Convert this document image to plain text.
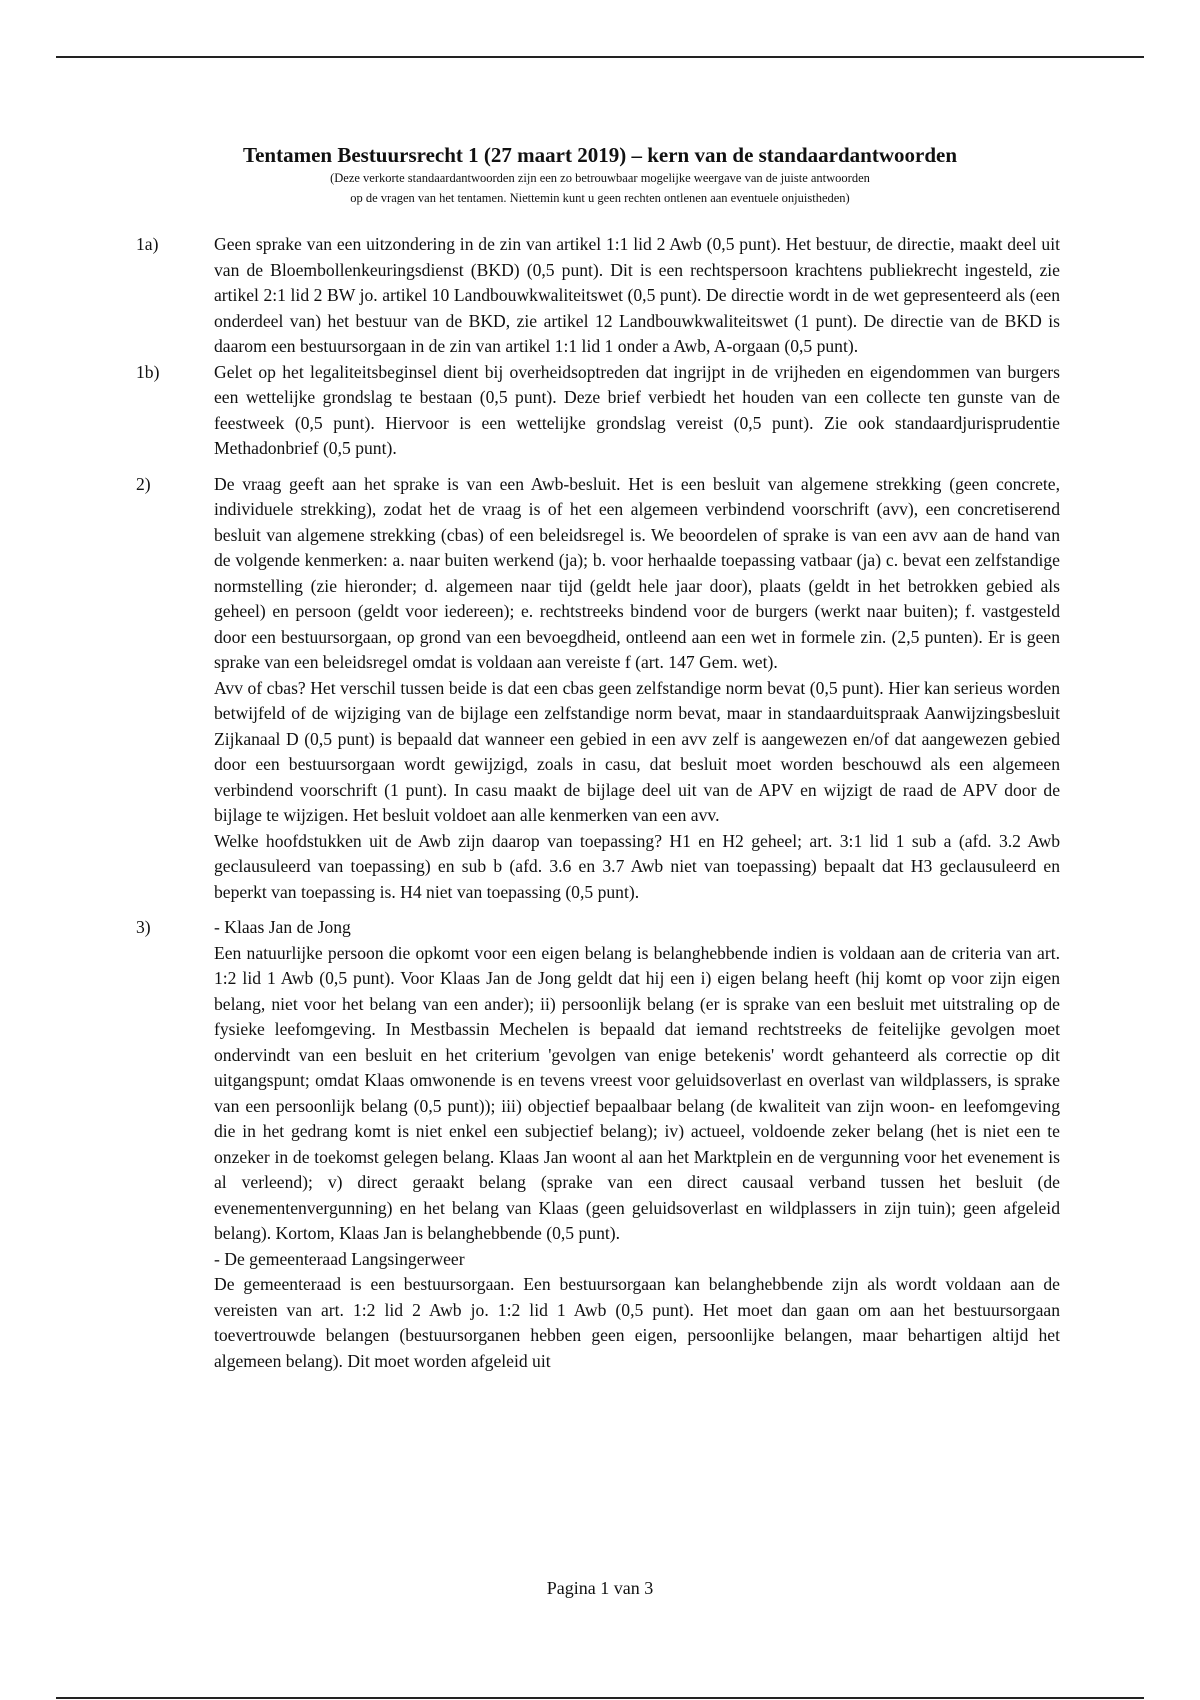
Tentamen Bestuursrecht 1 (27 maart 2019) – kern van de standaardantwoorden
(Deze verkorte standaardantwoorden zijn een zo betrouwbaar mogelijke weergave van de juiste antwoorden
op de vragen van het tentamen. Niettemin kunt u geen rechten ontlenen aan eventuele onjuistheden)
1a)	Geen sprake van een uitzondering in de zin van artikel 1:1 lid 2 Awb (0,5 punt). Het bestuur, de directie, maakt deel uit van de Bloembollenkeuringsdienst (BKD) (0,5 punt). Dit is een rechtspersoon krachtens publiekrecht ingesteld, zie artikel 2:1 lid 2 BW jo. artikel 10 Landbouwkwaliteitswet (0,5 punt). De directie wordt in de wet gepresenteerd als (een onderdeel van) het bestuur van de BKD, zie artikel 12 Landbouwkwaliteitswet (1 punt). De directie van de BKD is daarom een bestuursorgaan in de zin van artikel 1:1 lid 1 onder a Awb, A-orgaan (0,5 punt).

1b)	Gelet op het legaliteitsbeginsel dient bij overheidsoptreden dat ingrijpt in de vrijheden en eigendommen van burgers een wettelijke grondslag te bestaan (0,5 punt). Deze brief verbiedt het houden van een collecte ten gunste van de feestweek (0,5 punt). Hiervoor is een wettelijke grondslag vereist (0,5 punt). Zie ook standaardjurisprudentie Methadonbrief (0,5 punt).

2)	De vraag geeft aan het sprake is van een Awb-besluit. Het is een besluit van algemene strekking (geen concrete, individuele strekking), zodat het de vraag is of het een algemeen verbindend voorschrift (avv), een concretiserend besluit van algemene strekking (cbas) of een beleidsregel is. We beoordelen of sprake is van een avv aan de hand van de volgende kenmerken: a. naar buiten werkend (ja); b. voor herhaalde toepassing vatbaar (ja) c. bevat een zelfstandige normstelling (zie hieronder; d. algemeen naar tijd (geldt hele jaar door), plaats (geldt in het betrokken gebied als geheel) en persoon (geldt voor iedereen); e. rechtstreeks bindend voor de burgers (werkt naar buiten); f. vastgesteld door een bestuursorgaan, op grond van een bevoegdheid, ontleend aan een wet in formele zin. (2,5 punten). Er is geen sprake van een beleidsregel omdat is voldaan aan vereiste f (art. 147 Gem. wet).

Avv of cbas? Het verschil tussen beide is dat een cbas geen zelfstandige norm bevat (0,5 punt). Hier kan serieus worden betwijfeld of de wijziging van de bijlage een zelfstandige norm bevat, maar in standaarduitspraak Aanwijzingsbesluit Zijkanaal D (0,5 punt) is bepaald dat wanneer een gebied in een avv zelf is aangewezen en/of dat aangewezen gebied door een bestuursorgaan wordt gewijzigd, zoals in casu, dat besluit moet worden beschouwd als een algemeen verbindend voorschrift (1 punt). In casu maakt de bijlage deel uit van de APV en wijzigt de raad de APV door de bijlage te wijzigen. Het besluit voldoet aan alle kenmerken van een avv.

Welke hoofdstukken uit de Awb zijn daarop van toepassing? H1 en H2 geheel; art. 3:1 lid 1 sub a (afd. 3.2 Awb geclausuleerd van toepassing) en sub b (afd. 3.6 en 3.7 Awb niet van toepassing) bepaalt dat H3 geclausuleerd en beperkt van toepassing is. H4 niet van toepassing (0,5 punt).

3)	- Klaas Jan de Jong

Een natuurlijke persoon die opkomt voor een eigen belang is belanghebbende indien is voldaan aan de criteria van art. 1:2 lid 1 Awb (0,5 punt). Voor Klaas Jan de Jong geldt dat hij een i) eigen belang heeft (hij komt op voor zijn eigen belang, niet voor het belang van een ander); ii) persoonlijk belang (er is sprake van een besluit met uitstraling op de fysieke leefomgeving. In Mestbassin Mechelen is bepaald dat iemand rechtstreeks de feitelijke gevolgen moet ondervindt van een besluit en het criterium 'gevolgen van enige betekenis' wordt gehanteerd als correctie op dit uitgangspunt; omdat Klaas omwonende is en tevens vreest voor geluidsoverlast en overlast van wildplassers, is sprake van een persoonlijk belang (0,5 punt)); iii) objectief bepaalbaar belang (de kwaliteit van zijn woon- en leefomgeving die in het gedrang komt is niet enkel een subjectief belang); iv) actueel, voldoende zeker belang (het is niet een te onzeker in de toekomst gelegen belang. Klaas Jan woont al aan het Marktplein en de vergunning voor het evenement is al verleend); v) direct geraakt belang (sprake van een direct causaal verband tussen het besluit (de evenementenvergunning) en het belang van Klaas (geen geluidsoverlast en wildplassers in zijn tuin); geen afgeleid belang). Kortom, Klaas Jan is belanghebbende (0,5 punt).

- De gemeenteraad Langsingerweer

De gemeenteraad is een bestuursorgaan. Een bestuursorgaan kan belanghebbende zijn als wordt voldaan aan de vereisten van art. 1:2 lid 2 Awb jo. 1:2 lid 1 Awb (0,5 punt). Het moet dan gaan om aan het bestuursorgaan toevertrouwde belangen (bestuursorganen hebben geen eigen, persoonlijke belangen, maar behartigen altijd het algemeen belang). Dit moet worden afgeleid uit

Pagina 1 van 3
